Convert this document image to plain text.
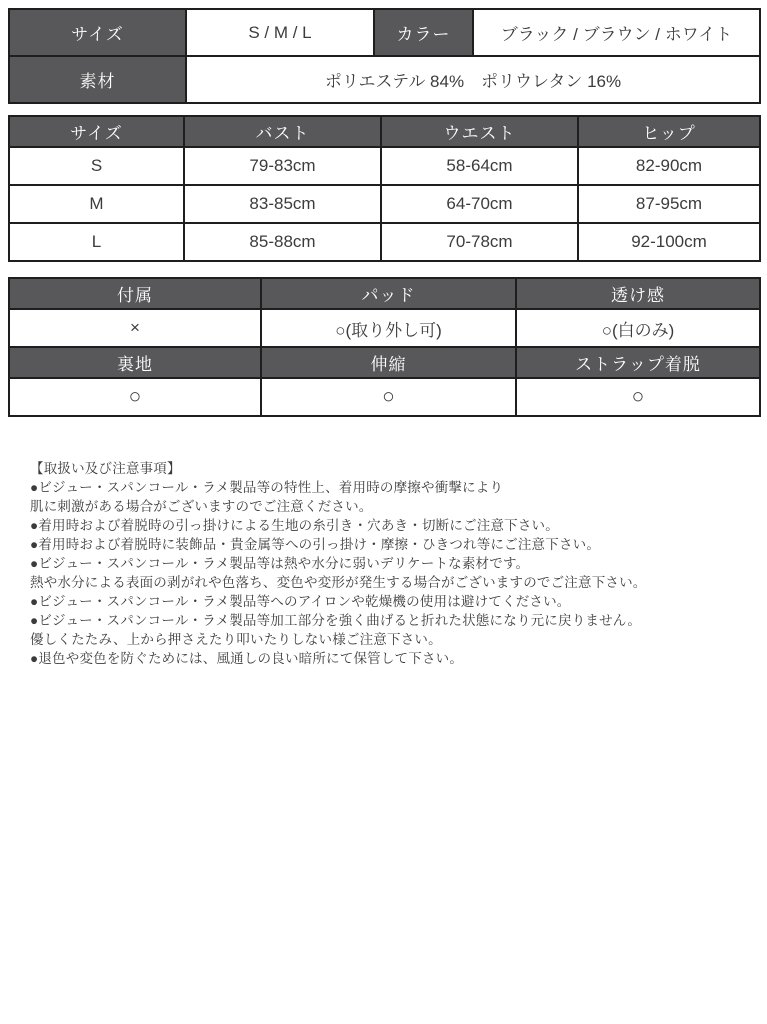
サイズ	S / M / L	カラー	ブラック / ブラウン / ホワイト
素材	ポリエステル 84%　ポリウレタン 16%		
サイズ	バスト	ウエスト	ヒップ
S	79-83cm	58-64cm	82-90cm
M	83-85cm	64-70cm	87-95cm
L	85-88cm	70-78cm	92-100cm
付属	パッド	透け感
×	○(取り外し可)	○(白のみ)
裏地	伸縮	ストラップ着脱
○	○	○
【取扱い及び注意事項】
●ビジュー・スパンコール・ラメ製品等の特性上、着用時の摩擦や衝撃により
肌に刺激がある場合がございますのでご注意ください。
●着用時および着脱時の引っ掛けによる生地の糸引き・穴あき・切断にご注意下さい。
●着用時および着脱時に装飾品・貴金属等への引っ掛け・摩擦・ひきつれ等にご注意下さい。
●ビジュー・スパンコール・ラメ製品等は熱や水分に弱いデリケートな素材です。
熱や水分による表面の剥がれや色落ち、変色や変形が発生する場合がございますのでご注意下さい。
●ビジュー・スパンコール・ラメ製品等へのアイロンや乾燥機の使用は避けてください。
●ビジュー・スパンコール・ラメ製品等加工部分を強く曲げると折れた状態になり元に戻りません。
優しくたたみ、上から押さえたり叩いたりしない様ご注意下さい。
●退色や変色を防ぐためには、風通しの良い暗所にて保管して下さい。
